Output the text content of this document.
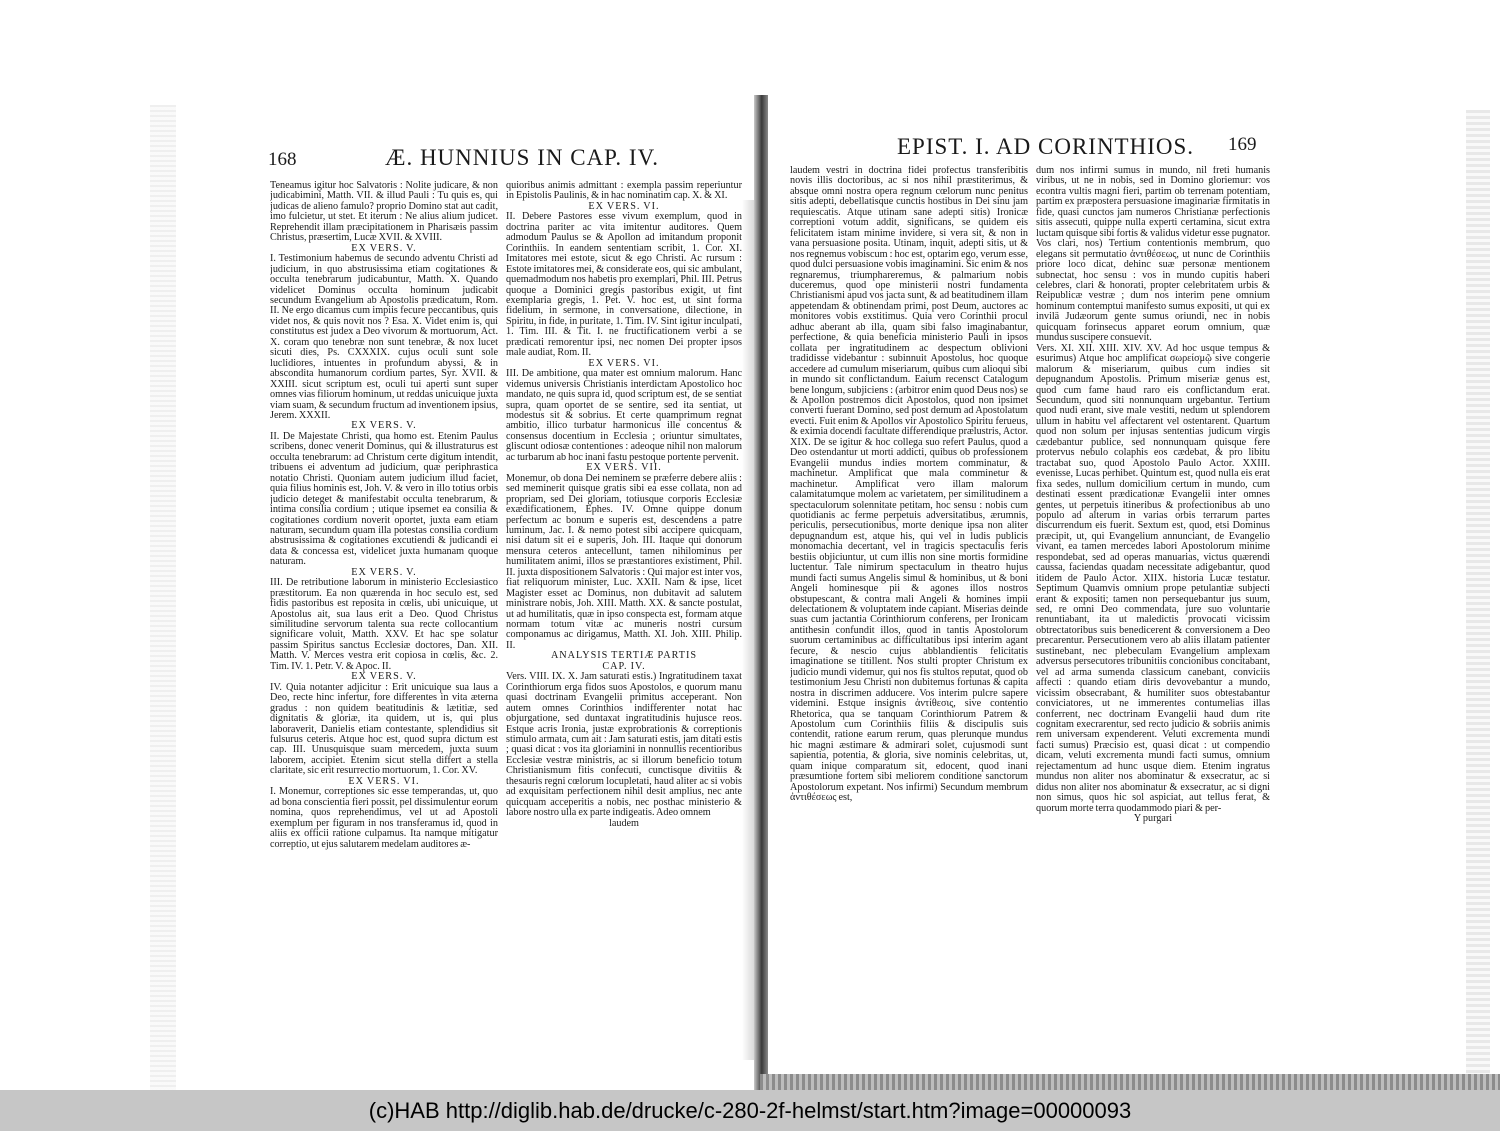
168	Æ. HUNNIUS IN CAP. IV.

Teneamus igitur hoc Salvatoris : Nolite judicare, & non judicabimini, Matth. VII. & illud Pauli : Tu quis es, qui judicas de alieno famulo? proprio Domino stat aut cadit, imo fulcietur, ut stet. Et iterum : Ne alius alium judicet. Reprehendit illam præcipitationem in Pharisæis passim Christus, præsertim, Lucæ XVII. & XVIII.

EX VERS. V.

I. Testimonium habemus de secundo adventu Christi ad judicium, in quo abstrusissima etiam cogitationes & occulta tenebrarum judicabuntur, Matth. X. Quando videlicet Dominus occulta hominum judicabit secundum Evangelium ab Apostolis prædicatum, Rom. II. Ne ergo dicamus cum impiis fecure peccantibus, quis videt nos, & quis novit nos ? Esa. X. Videt enim is, qui constitutus est judex a Deo vivorum & mortuorum, Act. X. coram quo tenebræ non sunt tenebræ, & nox lucet sicuti dies, Ps. CXXXIX. cujus oculi sunt sole luclidiores, intuentes in profundum abyssi, & in abscondita humanorum cordium partes, Syr. XVII. & XXIII. sicut scriptum est, oculi tui aperti sunt super omnes vias filiorum hominum, ut reddas unicuique juxta viam suam, & secundum fructum ad inventionem ipsius, Jerem. XXXII.

EX VERS. V.

II. De Majestate Christi, qua homo est. Etenim Paulus scribens, donec venerit Dominus, qui & illustraturus est occulta tenebrarum: ad Christum certe digitum intendit, tribuens ei adventum ad judicium, quæ periphrastica notatio Christi. Quoniam autem judicium illud faciet, quia filius hominis est, Joh. V. & vero in illo totius orbis judicio deteget & manifestabit occulta tenebrarum, & intima consilia cordium ; utique ipsemet ea consilia & cogitationes cordium noverit oportet, juxta eam etiam naturam, secundum quam illa potestas consilia cordium abstrusissima & cogitationes excutiendi & judicandi ei data & concessa est, videlicet juxta humanam quoque naturam.

EX VERS. V.

III. De retributione laborum in ministerio Ecclesiastico præstitorum. Ea non quærenda in hoc seculo est, sed fidis pastoribus est reposita in cœlis, ubi unicuique, ut Apostolus ait, sua laus erit a Deo. Quod Christus similitudine servorum talenta sua recte collocantium significare voluit, Matth. XXV. Et hac spe solatur passim Spiritus sanctus Ecclesiæ doctores, Dan. XII. Matth. V. Merces vestra erit copiosa in cœlis, &c. 2. Tim. IV. 1. Petr. V. & Apoc. II.

EX VERS. V.

IV. Quia notanter adjicitur : Erit unicuique sua laus a Deo, recte hinc infertur, fore differentes in vita æterna gradus : non quidem beatitudinis & lætitiæ, sed dignitatis & gloriæ, ita quidem, ut is, qui plus laboraverit, Danielis etiam contestante, splendidius sit fulsurus ceteris. Atque hoc est, quod supra dictum est cap. III. Unusquisque suam mercedem, juxta suum laborem, accipiet. Etenim sicut stella differt a stella claritate, sic erit resurrectio mortuorum, 1. Cor. XV.

EX VERS. VI.

I. Monemur, correptiones sic esse temperandas, ut, quo ad bona conscientia fieri possit, pel dissimulentur eorum nomina, quos reprehendimus, vel ut ad Apostoli exemplum per figuram in nos transferamus id, quod in aliis ex officii ratione culpamus. Ita namque mitigatur correptio, ut ejus salutarem medelam auditores æ-

quioribus animis admittant : exempla passim reperiuntur in Epistolis Paulinis, & in hac nominatim cap. X. & XI.

EX VERS. VI.

II. Debere Pastores esse vivum exemplum, quod in doctrina pariter ac vita imitentur auditores. Quem admodum Paulus se & Apollon ad imitandum proponit Corinthiis. In eandem sententiam scribit, 1. Cor. XI. Imitatores mei estote, sicut & ego Christi. Ac rursum : Estote imitatores mei, & considerate eos, qui sic ambulant, quemadmodum nos habetis pro exemplari, Phil. III. Petrus quoque a Dominici gregis pastoribus exigit, ut fint exemplaria gregis, 1. Pet. V. hoc est, ut sint forma fidelium, in sermone, in conversatione, dilectione, in Spiritu, in fide, in puritate, 1. Tim. IV. Sint igitur inculpati, 1. Tim. III. & Tit. I. ne fructificationem verbi a se prædicati remorentur ipsi, nec nomen Dei propter ipsos male audiat, Rom. II.

EX VERS. VI.

III. De ambitione, qua mater est omnium malorum. Hanc videmus universis Christianis interdictam Apostolico hoc mandato, ne quis supra id, quod scriptum est, de se sentiat supra, quam oportet de se sentire, sed ita sentiat, ut modestus sit & sobrius. Et certe quamprimum regnat ambitio, illico turbatur harmonicus ille concentus & consensus docentium in Ecclesia ; oriuntur simultates, gliscunt odiosæ contentiones : adeoque nihil non malorum ac turbarum ab hoc inani fastu pestoque portente pervenit.

EX VERS. VII.

Monemur, ob dona Dei neminem se præferre debere aliis : sed meminerit quisque gratis sibi ea esse collata, non ad propriam, sed Dei gloriam, totiusque corporis Ecclesiæ exædificationem, Ephes. IV. Omne quippe donum perfectum ac bonum e superis est, descendens a patre luminum, Jac. I. & nemo potest sibi accipere quicquam, nisi datum sit ei e superis, Joh. III. Itaque qui donorum mensura ceteros antecellunt, tamen nihilominus per humilitatem animi, illos se præstantiores existiment, Phil. II. juxta dispositionem Salvatoris : Qui major est inter vos, fiat reliquorum minister, Luc. XXII. Nam & ipse, licet Magister esset ac Dominus, non dubitavit ad salutem ministrare nobis, Joh. XIII. Matth. XX. & sancte postulat, ut ad humilitatis, quæ in ipso conspecta est, formam atque normam totum vitæ ac muneris nostri cursum componamus ac dirigamus, Matth. XI. Joh. XIII. Philip. II.

ANALYSIS TERTIÆ PARTIS

CAP. IV.

Vers. VIII. IX. X. Jam saturati estis.) Ingratitudinem taxat Corinthiorum erga fidos suos Apostolos, e quorum manu quasi doctrinam Evangelii primitus acceperant. Non autem omnes Corinthios indifferenter notat hac objurgatione, sed duntaxat ingratitudinis hujusce reos. Estque acris Ironia, justæ exprobrationis & correptionis stimulo armata, cum ait : Jam saturati estis, jam ditati estis ; quasi dicat : vos ita gloriamini in nonnullis recentioribus Ecclesiæ vestræ ministris, ac si illorum beneficio totum Christianismum fitis confecuti, cunctisque divitiis & thesauris regni cœlorum locupletati, haud aliter ac si vobis ad exquisitam perfectionem nihil desit amplius, nec ante quicquam acceperitis a nobis, nec posthac ministerio & labore nostro ulla ex parte indigeatis. Adeo omnem

laudem

EPIST. I. AD CORINTHIOS. 169

laudem vestri in doctrina fidei profectus transferibitis novis illis doctoribus, ac si nos nihil præstiterimus, & absque omni nostra opera regnum cœlorum nunc penitus sitis adepti, debellatisque cunctis hostibus in Dei sinu jam requiescatis. Atque utinam sane adepti sitis) Ironicæ correptioni votum addit, significans, se quidem eis felicitatem istam minime invidere, si vera sit, & non in vana persuasione posita. Utinam, inquit, adepti sitis, ut & nos regnemus vobiscum : hoc est, optarim ego, verum esse, quod dulci persuasione vobis imaginamini. Sic enim & nos regnaremus, triumphareremus, & palmarium nobis duceremus, quod ope ministerii nostri fundamenta Christianismi apud vos jacta sunt, & ad beatitudinem illam appetendam & obtinendam primi, post Deum, auctores ac monitores vobis exstitimus. Quia vero Corinthii procul adhuc aberant ab illa, quam sibi falso imaginabantur, perfectione, & quia beneficia ministerio Pauli in ipsos collata per ingratitudinem ac despectum oblivioni tradidisse videbantur : subinnuit Apostolus, hoc quoque accedere ad cumulum miseriarum, quibus cum alioqui sibi in mundo sit conflictandum. Eaium recensct Catalogum bene longum, subjiciens : (arbitror enim quod Deus nos) se & Apollon postremos dicit Apostolos, quod non ipsimet converti fuerant Domino, sed post demum ad Apostolatum evecti. Fuit enim & Apollos vir Apostolico Spiritu ferueus, & eximia docendi facultate differendique prælustris, Actor. XIX. De se igitur & hoc collega suo refert Paulus, quod a Deo ostendantur ut morti addicti, quibus ob professionem Evangelii mundus indies mortem comminatur, & machinetur. Amplificat que mala comminetur & machinetur. Amplificat vero illam malorum calamitatumque molem ac varietatem, per similitudinem a spectaculorum solennitate petitam, hoc sensu : nobis cum quotidianis ac ferme perpetuis adversitatibus, ærumnis, periculis, persecutionibus, morte denique ipsa non aliter depugnandum est, atque his, qui vel in ludis publicis monomachia decertant, vel in tragicis spectaculis feris bestiis objiciuntur, ut cum illis non sine mortis formidine luctentur. Tale nimirum spectaculum in theatro hujus mundi facti sumus Angelis simul & hominibus, ut & boni Angeli hominesque pii & agones illos nostros obstupescant, & contra mali Angeli & homines impii delectationem & voluptatem inde capiant. Miserias deinde suas cum jactantia Corinthiorum conferens, per Ironicam antithesin confundit illos, quod in tantis Apostolorum suorum certaminibus ac difficultatibus ipsi interim agant fecure, & nescio cujus abblandientis felicitatis imaginatione se titillent. Nos stulti propter Christum ex judicio mundi videmur, qui nos fis stultos reputat, quod ob testimonium Jesu Christi non dubitemus fortunas & capita nostra in discrimen adducere. Vos interim pulcre sapere videmini. Estque insignis ἀντίθεσις, sive contentio Rhetorica, qua se tanquam Corinthiorum Patrem & Apostolum cum Corinthiis filiis & discipulis suis contendit, ratione earum rerum, quas plerunque mundus hic magni æstimare & admirari solet, cujusmodi sunt sapientia, potentia, & gloria, sive nominis celebritas, ut, quam inique comparatum sit, edocent, quod inani præsumtione fortem sibi meliorem conditione sanctorum Apostolorum expetant. Nos infirmi) Secundum membrum ἀντιθέσεως est,

dum nos infirmi sumus in mundo, nil freti humanis viribus, ut ne in nobis, sed in Domino gloriemur: vos econtra vultis magni fieri, partim ob terrenam potentiam, partim ex præpostera persuasione imaginariæ firmitatis in fide, quasi cunctos jam numeros Christianæ perfectionis sitis assecuti, quippe nulla experti certamina, sicut extra luctam quisque sibi fortis & validus videtur esse pugnator. Vos clari, nos) Tertium contentionis membrum, quo elegans sit permutatio ἀντιθέσεως, ut nunc de Corinthiis priore loco dicat, dehinc suæ personæ mentionem subnectat, hoc sensu : vos in mundo cupitis haberi celebres, clari & honorati, propter celebritatem urbis & Reipublicæ vestræ ; dum nos interim pene omnium hominum contemptui manifesto sumus expositi, ut qui ex invilä Judæorum gente sumus oriundi, nec in nobis quicquam forinsecus apparet eorum omnium, quæ mundus suscipere consuevit.

Vers. XI. XII. XIII. XIV. XV. Ad hoc usque tempus & esurimus) Atque hoc amplificat σωρείσμῷ sive congerie malorum & miseriarum, quibus cum indies sit depugnandum Apostolis. Primum miseriæ genus est, quod cum fame haud raro eis conflictandum erat. Secundum, quod siti nonnunquam urgebantur. Tertium quod nudi erant, sive male vestiti, nedum ut splendorem ullum in habitu vel affectarent vel ostentarent. Quartum quod non solum per injusas sententias judicum virgis cædebantur publice, sed nonnunquam quisque fere protervus nebulo colaphis eos cædebat, & pro libitu tractabat suo, quod Apostolo Paulo Actor. XXIII. evenisse, Lucas perhibet. Quintum est, quod nulla eis erat fixa sedes, nullum domicilium certum in mundo, cum destinati essent prædicationæ Evangelii inter omnes gentes, ut perpetuis itineribus & profectionibus ab uno populo ad alterum in varias orbis terrarum partes discurrendum eis fuerit. Sextum est, quod, etsi Dominus præcipit, ut, qui Evangelium annunciant, de Evangelio vivant, ea tamen mercedes labori Apostolorum minime respondebat, sed ad operas manuarias, victus quærendi caussa, faciendas quadam necessitate adigebantur, quod itidem de Paulo Actor. XIIX. historia Lucæ testatur. Septimum Quamvis omnium prope petulantiæ subjecti erant & expositi; tamen non persequebantur jus suum, sed, re omni Deo commendata, jure suo voluntarie renuntiabant, ita ut maledictis provocati vicissim obtrectatoribus suis benedicerent & conversionem a Deo precarentur. Persecutionem vero ab aliis illatam patienter sustinebant, nec plebeculam Evangelium amplexam adversus persecutores tribunitiis concionibus concitabant, vel ad arma sumenda classicum canebant, conviciis affecti : quando etiam diris devovebantur a mundo, vicissim obsecrabant, & humiliter suos obtestabantur conviciatores, ut ne immerentes contumelias illas conferrent, nec doctrinam Evangelii haud dum rite cognitam execrarentur, sed recto judicio & sobriis animis rem universam expenderent. Veluti excrementa mundi facti sumus) Præcisio est, quasi dicat : ut compendio dicam, veluti excrementa mundi facti sumus, omnium rejectamentum ad hunc usque diem. Etenim ingratus mundus non aliter nos abominatur & exsecratur, ac si didus non aliter nos abominatur & exsecratur, ac si digni non simus, quos hic sol aspiciat, aut tellus ferat, & quorum morte terra quodammodo piari & per-

Y purgari

(c)HAB http://diglib.hab.de/drucke/c-280-2f-helmst/start.htm?image=00000093
